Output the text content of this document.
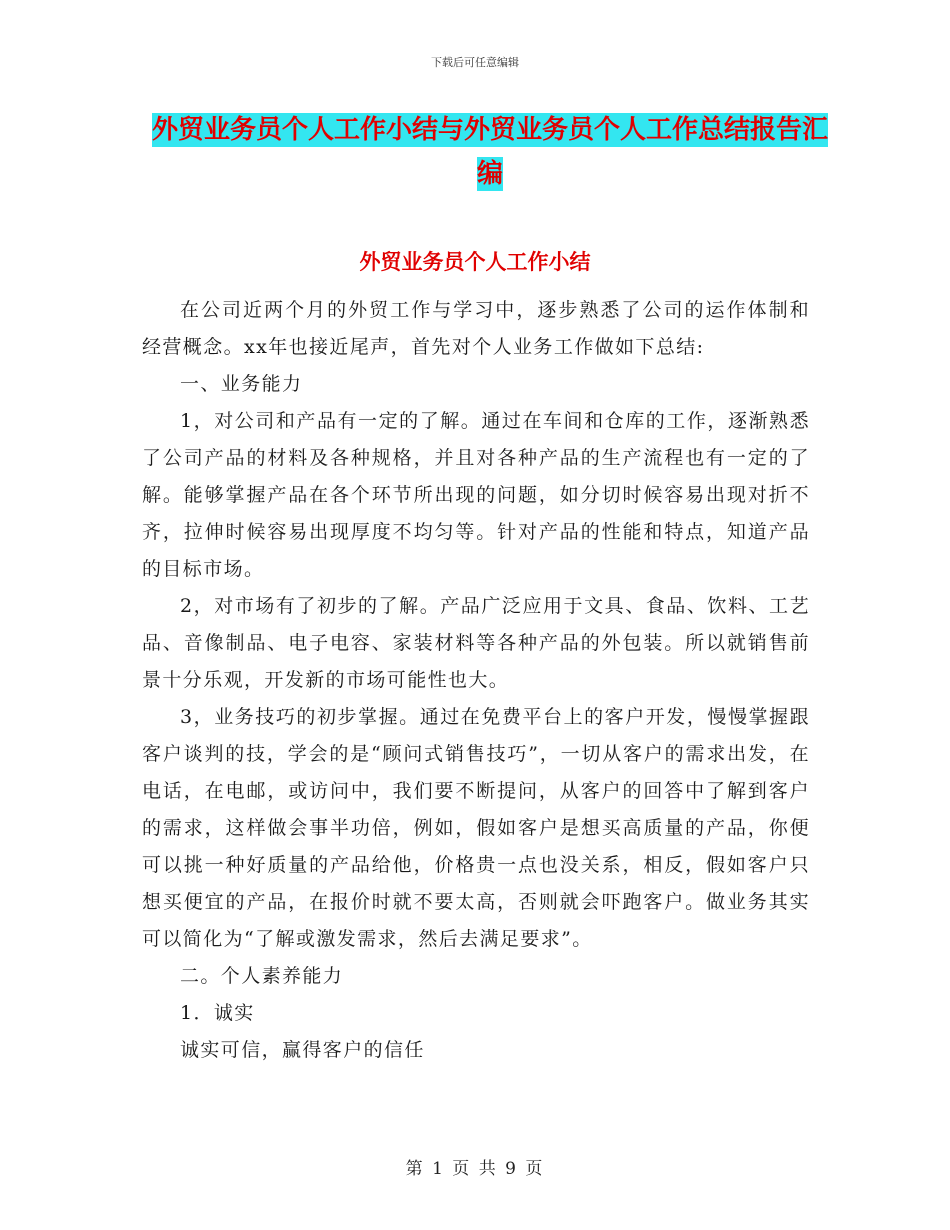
下载后可任意编辑
外贸业务员个人工作小结与外贸业务员个人工作总结报告汇编
外贸业务员个人工作小结

在公司近两个月的外贸工作与学习中，逐步熟悉了公司的运作体制和经营概念。xx年也接近尾声，首先对个人业务工作做如下总结:

一、业务能力

1，对公司和产品有一定的了解。通过在车间和仓库的工作，逐渐熟悉了公司产品的材料及各种规格，并且对各种产品的生产流程也有一定的了解。能够掌握产品在各个环节所出现的问题，如分切时候容易出现对折不齐，拉伸时候容易出现厚度不均匀等。针对产品的性能和特点，知道产品的目标市场。

2，对市场有了初步的了解。产品广泛应用于文具、食品、饮料、工艺品、音像制品、电子电容、家装材料等各种产品的外包装。所以就销售前景十分乐观，开发新的市场可能性也大。

3，业务技巧的初步掌握。通过在免费平台上的客户开发，慢慢掌握跟客户谈判的技，学会的是“顾问式销售技巧”，一切从客户的需求出发，在电话，在电邮，或访问中，我们要不断提问，从客户的回答中了解到客户的需求，这样做会事半功倍，例如，假如客户是想买高质量的产品，你便可以挑一种好质量的产品给他，价格贵一点也没关系，相反，假如客户只想买便宜的产品，在报价时就不要太高，否则就会吓跑客户。做业务其实可以简化为“了解或激发需求，然后去满足要求”。

二。个人素养能力

1．诚实

诚实可信，赢得客户的信任

第 1 页 共 9 页
